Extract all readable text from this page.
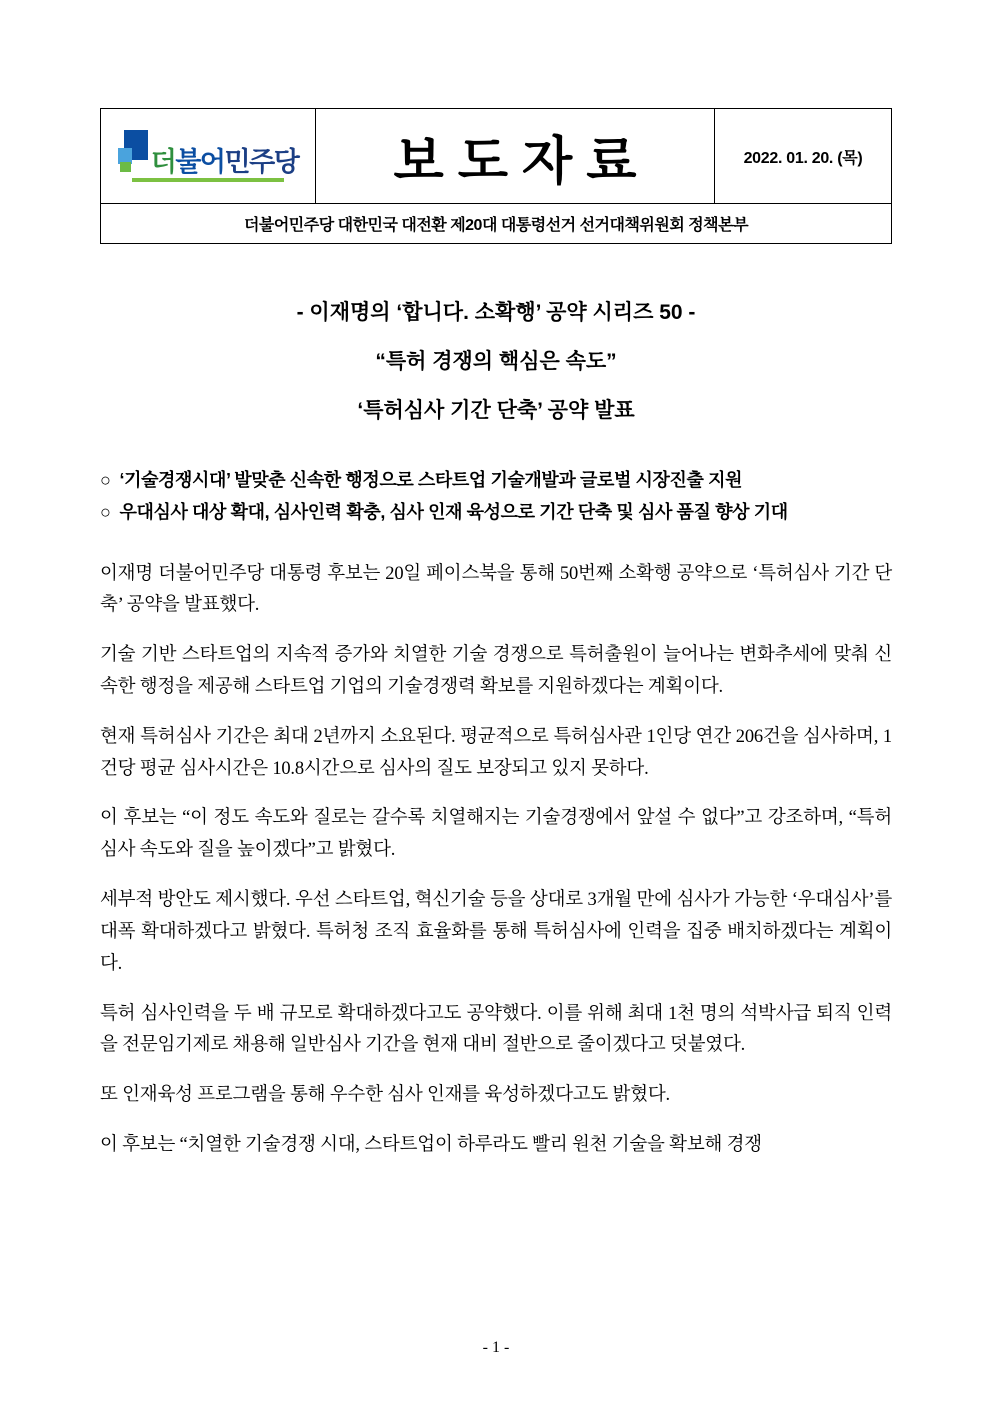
더 불 어 민 주 당	보도자료	2022. 01. 20. (목)

더불어민주당 대한민국 대전환 제20대 대통령선거 선거대책위원회 정책본부
- 이재명의 ‘합니다. 소확행’ 공약 시리즈 50 -
“특허 경쟁의 핵심은 속도”
‘특허심사 기간 단축’ 공약 발표
○ ‘기술경쟁시대’ 발맞춘 신속한 행정으로 스타트업 기술개발과 글로벌 시장진출 지원
○ 우대심사 대상 확대, 심사인력 확충, 심사 인재 육성으로 기간 단축 및 심사 품질 향상 기대

이재명 더불어민주당 대통령 후보는 20일 페이스북을 통해 50번째 소확행 공약으로 ‘특허심사 기간 단축’ 공약을 발표했다.

기술 기반 스타트업의 지속적 증가와 치열한 기술 경쟁으로 특허출원이 늘어나는 변화추세에 맞춰 신속한 행정을 제공해 스타트업 기업의 기술경쟁력 확보를 지원하겠다는 계획이다.

현재 특허심사 기간은 최대 2년까지 소요된다. 평균적으로 특허심사관 1인당 연간 206건을 심사하며, 1건당 평균 심사시간은 10.8시간으로 심사의 질도 보장되고 있지 못하다.

이 후보는 “이 정도 속도와 질로는 갈수록 치열해지는 기술경쟁에서 앞설 수 없다”고 강조하며, “특허심사 속도와 질을 높이겠다”고 밝혔다.

세부적 방안도 제시했다. 우선 스타트업, 혁신기술 등을 상대로 3개월 만에 심사가 가능한 ‘우대심사’를 대폭 확대하겠다고 밝혔다. 특허청 조직 효율화를 통해 특허심사에 인력을 집중 배치하겠다는 계획이다.

특허 심사인력을 두 배 규모로 확대하겠다고도 공약했다. 이를 위해 최대 1천 명의 석박사급 퇴직 인력을 전문임기제로 채용해 일반심사 기간을 현재 대비 절반으로 줄이겠다고 덧붙였다.

또 인재육성 프로그램을 통해 우수한 심사 인재를 육성하겠다고도 밝혔다.

이 후보는 “치열한 기술경쟁 시대, 스타트업이 하루라도 빨리 원천 기술을 확보해 경쟁

- 1 -
